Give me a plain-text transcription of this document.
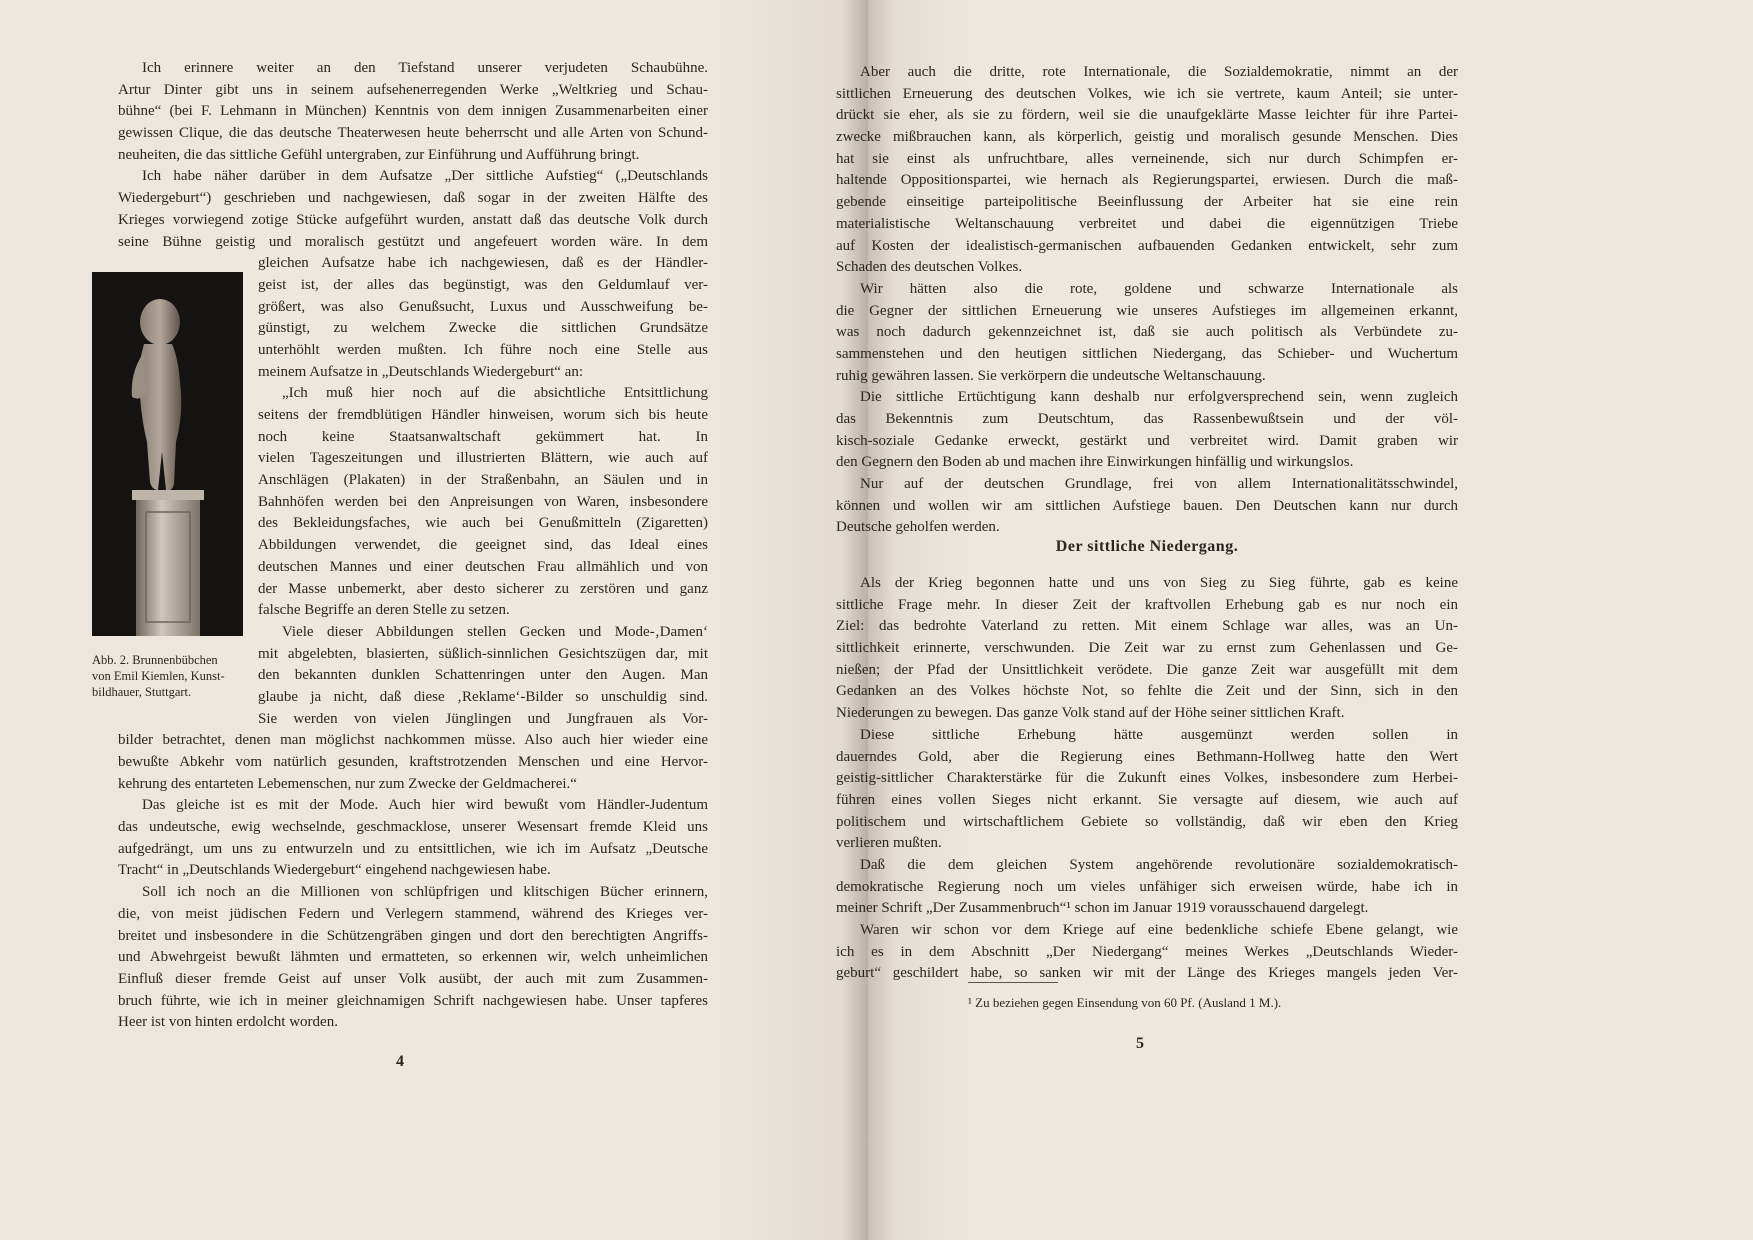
Ich erinnere weiter an den Tiefstand unserer verjudeten Schaubühne.
Artur Dinter gibt uns in seinem aufsehenerregenden Werke „Weltkrieg und Schau-
bühne“ (bei F. Lehmann in München) Kenntnis von dem innigen Zusammenarbeiten einer
gewissen Clique, die das deutsche Theaterwesen heute beherrscht und alle Arten von Schund-
neuheiten, die das sittliche Gefühl untergraben, zur Einführung und Aufführung bringt.
Ich habe näher darüber in dem Aufsatze „Der sittliche Aufstieg“ („Deutschlands
Wiedergeburt“) geschrieben und nachgewiesen, daß sogar in der zweiten Hälfte des
Krieges vorwiegend zotige Stücke aufgeführt wurden, anstatt daß das deutsche Volk durch
seine Bühne geistig und moralisch gestützt und angefeuert worden wäre. In dem
gleichen Aufsatze habe ich nachgewiesen, daß es der Händler-
geist ist, der alles das begünstigt, was den Geldumlauf ver-
größert, was also Genußsucht, Luxus und Ausschweifung be-
günstigt, zu welchem Zwecke die sittlichen Grundsätze
unterhöhlt werden mußten. Ich führe noch eine Stelle aus
meinem Aufsatze in „Deutschlands Wiedergeburt“ an:
„Ich muß hier noch auf die absichtliche Entsittlichung
seitens der fremdblütigen Händler hinweisen, worum sich bis heute
noch keine Staatsanwaltschaft gekümmert hat. In
vielen Tageszeitungen und illustrierten Blättern, wie auch auf
Anschlägen (Plakaten) in der Straßenbahn, an Säulen und in
Bahnhöfen werden bei den Anpreisungen von Waren, insbesondere
des Bekleidungsfaches, wie auch bei Genußmitteln (Zigaretten)
Abbildungen verwendet, die geeignet sind, das Ideal eines
deutschen Mannes und einer deutschen Frau allmählich und von
der Masse unbemerkt, aber desto sicherer zu zerstören und ganz
falsche Begriffe an deren Stelle zu setzen.
Viele dieser Abbildungen stellen Gecken und Mode-‚Damen‘
mit abgelebten, blasierten, süßlich-sinnlichen Gesichtszügen dar, mit
den bekannten dunklen Schattenringen unter den Augen. Man
glaube ja nicht, daß diese ‚Reklame‘-Bilder so unschuldig sind.
Sie werden von vielen Jünglingen und Jungfrauen als Vor-
bilder betrachtet, denen man möglichst nachkommen müsse. Also auch hier wieder eine
bewußte Abkehr vom natürlich gesunden, kraftstrotzenden Menschen und eine Hervor-
kehrung des entarteten Lebemenschen, nur zum Zwecke der Geldmacherei.“
Das gleiche ist es mit der Mode. Auch hier wird bewußt vom Händler-Judentum
das undeutsche, ewig wechselnde, geschmacklose, unserer Wesensart fremde Kleid uns
aufgedrängt, um uns zu entwurzeln und zu entsittlichen, wie ich im Aufsatz „Deutsche
Tracht“ in „Deutschlands Wiedergeburt“ eingehend nachgewiesen habe.
Soll ich noch an die Millionen von schlüpfrigen und klitschigen Bücher erinnern,
die, von meist jüdischen Federn und Verlegern stammend, während des Krieges ver-
breitet und insbesondere in die Schützengräben gingen und dort den berechtigten Angriffs-
und Abwehrgeist bewußt lähmten und ermatteten, so erkennen wir, welch unheimlichen
Einfluß dieser fremde Geist auf unser Volk ausübt, der auch mit zum Zusammen-
bruch führte, wie ich in meiner gleichnamigen Schrift nachgewiesen habe. Unser tapferes
Heer ist von hinten erdolcht worden.
Abb. 2. Brunnenbübchen
von Emil Kiemlen, Kunst-
bildhauer, Stuttgart.
4
Aber auch die dritte, rote Internationale, die Sozialdemokratie, nimmt an der
sittlichen Erneuerung des deutschen Volkes, wie ich sie vertrete, kaum Anteil; sie unter-
drückt sie eher, als sie zu fördern, weil sie die unaufgeklärte Masse leichter für ihre Partei-
zwecke mißbrauchen kann, als körperlich, geistig und moralisch gesunde Menschen. Dies
hat sie einst als unfruchtbare, alles verneinende, sich nur durch Schimpfen er-
haltende Oppositionspartei, wie hernach als Regierungspartei, erwiesen. Durch die maß-
gebende einseitige parteipolitische Beeinflussung der Arbeiter hat sie eine rein
materialistische Weltanschauung verbreitet und dabei die eigennützigen Triebe
auf Kosten der idealistisch-germanischen aufbauenden Gedanken entwickelt, sehr zum
Schaden des deutschen Volkes.
Wir hätten also die rote, goldene und schwarze Internationale als
die Gegner der sittlichen Erneuerung wie unseres Aufstieges im allgemeinen erkannt,
was noch dadurch gekennzeichnet ist, daß sie auch politisch als Verbündete zu-
sammenstehen und den heutigen sittlichen Niedergang, das Schieber- und Wuchertum
ruhig gewähren lassen. Sie verkörpern die undeutsche Weltanschauung.
Die sittliche Ertüchtigung kann deshalb nur erfolgversprechend sein, wenn zugleich
das Bekenntnis zum Deutschtum, das Rassenbewußtsein und der völ-
kisch-soziale Gedanke erweckt, gestärkt und verbreitet wird. Damit graben wir
den Gegnern den Boden ab und machen ihre Einwirkungen hinfällig und wirkungslos.
Nur auf der deutschen Grundlage, frei von allem Internationalitätsschwindel,
können und wollen wir am sittlichen Aufstiege bauen. Den Deutschen kann nur durch
Deutsche geholfen werden.
Der sittliche Niedergang.
Als der Krieg begonnen hatte und uns von Sieg zu Sieg führte, gab es keine
sittliche Frage mehr. In dieser Zeit der kraftvollen Erhebung gab es nur noch ein
Ziel: das bedrohte Vaterland zu retten. Mit einem Schlage war alles, was an Un-
sittlichkeit erinnerte, verschwunden. Die Zeit war zu ernst zum Gehenlassen und Ge-
nießen; der Pfad der Unsittlichkeit verödete. Die ganze Zeit war ausgefüllt mit dem
Gedanken an des Volkes höchste Not, so fehlte die Zeit und der Sinn, sich in den
Niederungen zu bewegen. Das ganze Volk stand auf der Höhe seiner sittlichen Kraft.
Diese sittliche Erhebung hätte ausgemünzt werden sollen in
dauerndes Gold, aber die Regierung eines Bethmann-Hollweg hatte den Wert
geistig-sittlicher Charakterstärke für die Zukunft eines Volkes, insbesondere zum Herbei-
führen eines vollen Sieges nicht erkannt. Sie versagte auf diesem, wie auch auf
politischem und wirtschaftlichem Gebiete so vollständig, daß wir eben den Krieg
verlieren mußten.
Daß die dem gleichen System angehörende revolutionäre sozialdemokratisch-
demokratische Regierung noch um vieles unfähiger sich erweisen würde, habe ich in
meiner Schrift „Der Zusammenbruch“¹ schon im Januar 1919 vorausschauend dargelegt.
Waren wir schon vor dem Kriege auf eine bedenkliche schiefe Ebene gelangt, wie
ich es in dem Abschnitt „Der Niedergang“ meines Werkes „Deutschlands Wieder-
geburt“ geschildert habe, so sanken wir mit der Länge des Krieges mangels jeden Ver-
¹ Zu beziehen gegen Einsendung von 60 Pf. (Ausland 1 M.).
5
